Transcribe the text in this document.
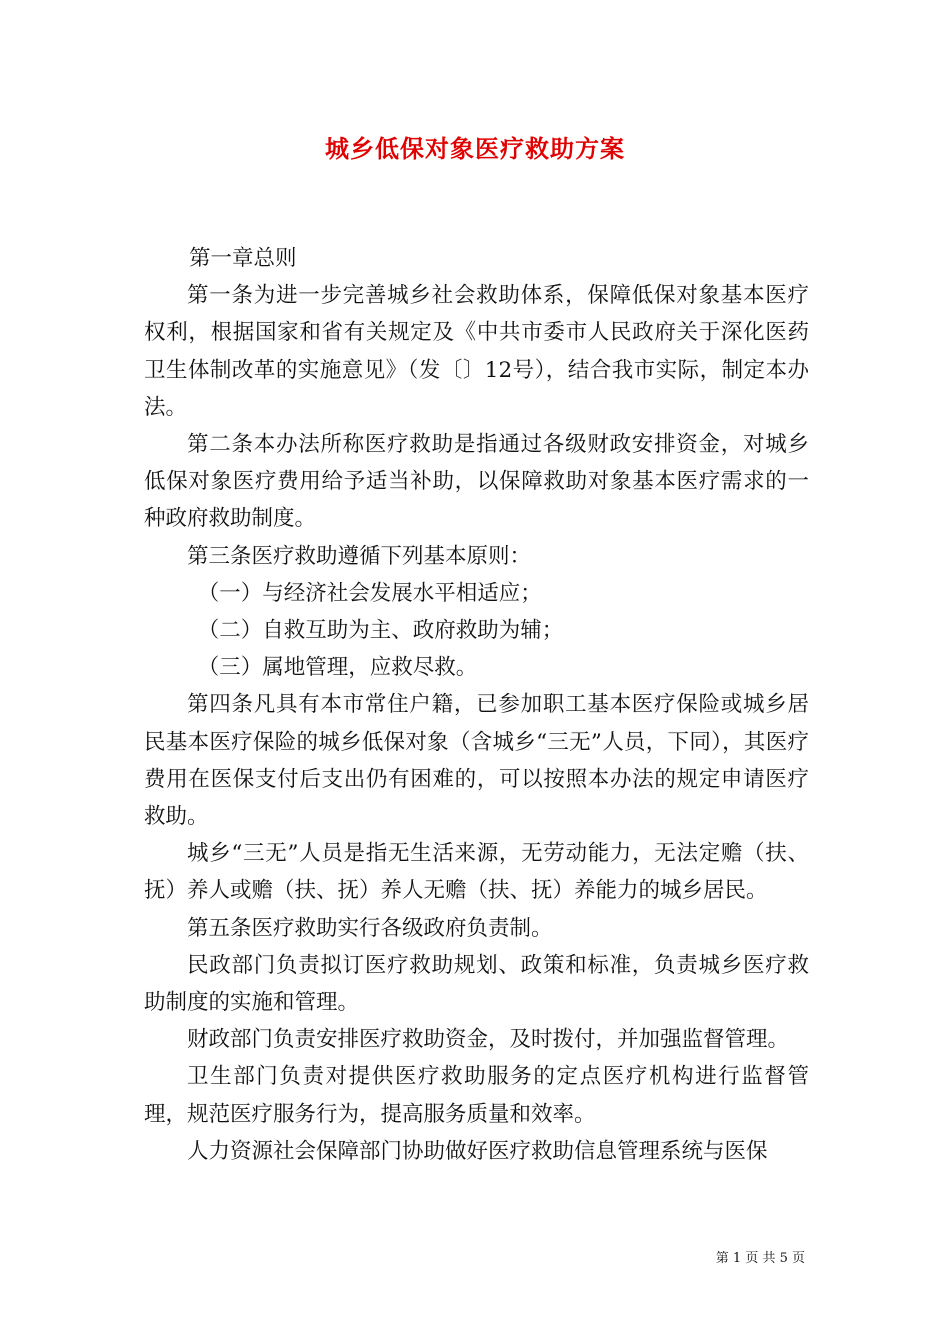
城乡低保对象医疗救助方案

第一章总则

第一条为进一步完善城乡社会救助体系，保障低保对象基本医疗权利，根据国家和省有关规定及《中共市委市人民政府关于深化医药卫生体制改革的实施意见》（发〔〕12号），结合我市实际，制定本办法。

第二条本办法所称医疗救助是指通过各级财政安排资金，对城乡低保对象医疗费用给予适当补助，以保障救助对象基本医疗需求的一种政府救助制度。

第三条医疗救助遵循下列基本原则：

（一）与经济社会发展水平相适应；

（二）自救互助为主、政府救助为辅；

（三）属地管理，应救尽救。

第四条凡具有本市常住户籍，已参加职工基本医疗保险或城乡居民基本医疗保险的城乡低保对象（含城乡“三无”人员，下同），其医疗费用在医保支付后支出仍有困难的，可以按照本办法的规定申请医疗救助。

城乡“三无”人员是指无生活来源，无劳动能力，无法定赡（扶、抚）养人或赡（扶、抚）养人无赡（扶、抚）养能力的城乡居民。

第五条医疗救助实行各级政府负责制。

民政部门负责拟订医疗救助规划、政策和标准，负责城乡医疗救助制度的实施和管理。

财政部门负责安排医疗救助资金，及时拨付，并加强监督管理。

卫生部门负责对提供医疗救助服务的定点医疗机构进行监督管理，规范医疗服务行为，提高服务质量和效率。

人力资源社会保障部门协助做好医疗救助信息管理系统与医保

第 1 页 共 5 页
